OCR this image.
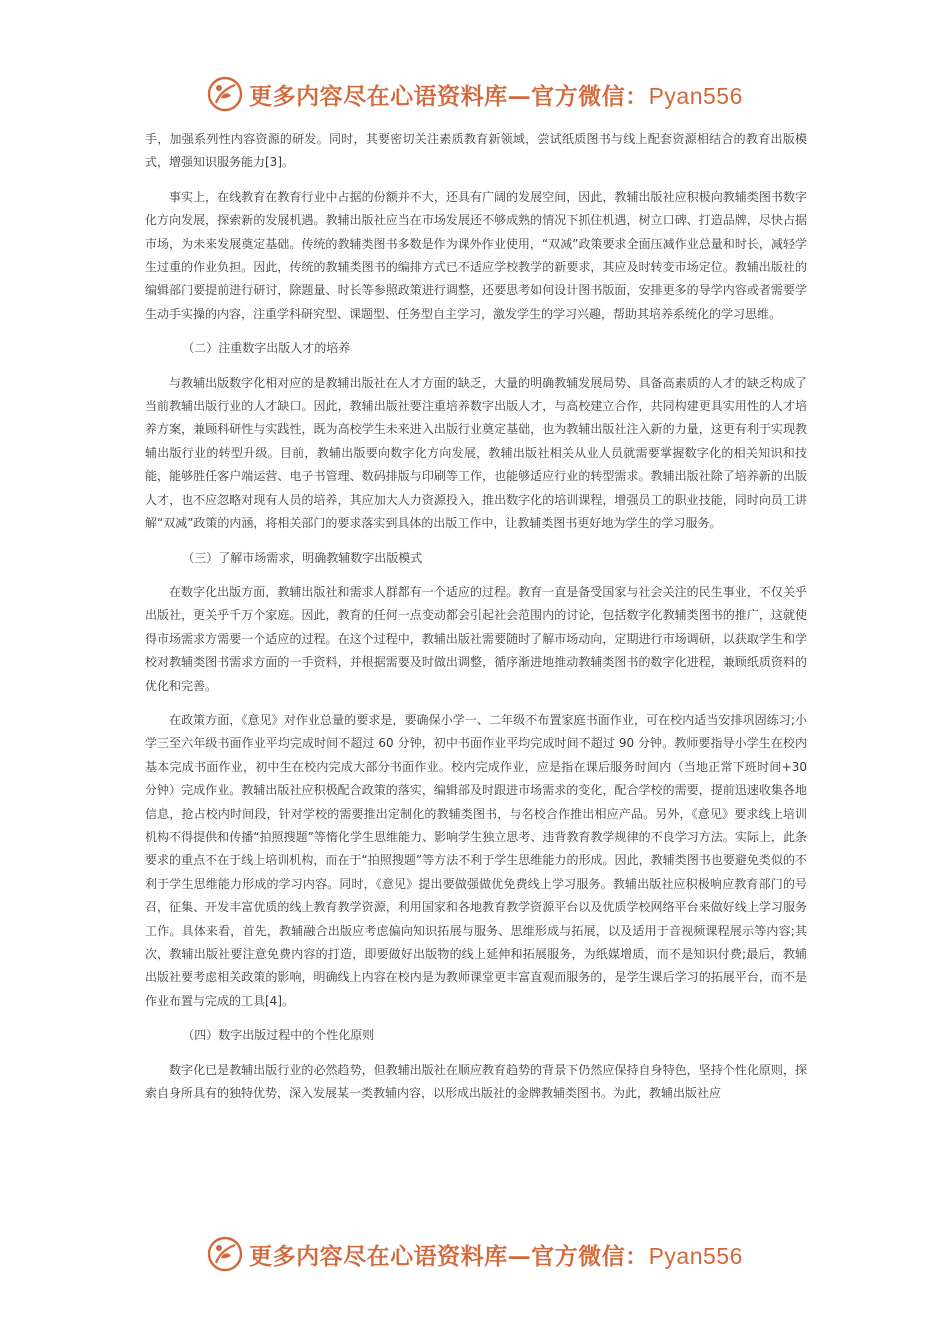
更多内容尽在心语资料库—官方微信：Pyan556

手，加强系列性内容资源的研发。同时，其要密切关注素质教育新领域，尝试纸质图书与线上配套资源相结合的教育出版模式，增强知识服务能力[3]。

事实上，在线教育在教育行业中占据的份额并不大，还具有广阔的发展空间，因此，教辅出版社应积极向教辅类图书数字化方向发展，探索新的发展机遇。教辅出版社应当在市场发展还不够成熟的情况下抓住机遇，树立口碑、打造品牌，尽快占据市场，为未来发展奠定基础。传统的教辅类图书多数是作为课外作业使用，“双减”政策要求全面压减作业总量和时长，减轻学生过重的作业负担。因此，传统的教辅类图书的编排方式已不适应学校教学的新要求，其应及时转变市场定位。教辅出版社的编辑部门要提前进行研讨，除题量、时长等参照政策进行调整，还要思考如何设计图书版面，安排更多的导学内容或者需要学生动手实操的内容，注重学科研究型、课题型、任务型自主学习，激发学生的学习兴趣，帮助其培养系统化的学习思维。

（二）注重数字出版人才的培养

与教辅出版数字化相对应的是教辅出版社在人才方面的缺乏，大量的明确教辅发展局势、具备高素质的人才的缺乏构成了当前教辅出版行业的人才缺口。因此，教辅出版社要注重培养数字出版人才，与高校建立合作，共同构建更具实用性的人才培养方案，兼顾科研性与实践性，既为高校学生未来进入出版行业奠定基础，也为教辅出版社注入新的力量，这更有利于实现教辅出版行业的转型升级。目前，教辅出版要向数字化方向发展，教辅出版社相关从业人员就需要掌握数字化的相关知识和技能，能够胜任客户端运营、电子书管理、数码排版与印刷等工作，也能够适应行业的转型需求。教辅出版社除了培养新的出版人才，也不应忽略对现有人员的培养，其应加大人力资源投入，推出数字化的培训课程，增强员工的职业技能，同时向员工讲解“双减”政策的内涵，将相关部门的要求落实到具体的出版工作中，让教辅类图书更好地为学生的学习服务。

（三）了解市场需求，明确教辅数字出版模式

在数字化出版方面，教辅出版社和需求人群都有一个适应的过程。教育一直是备受国家与社会关注的民生事业，不仅关乎出版社，更关乎千万个家庭。因此，教育的任何一点变动都会引起社会范围内的讨论，包括数字化教辅类图书的推广，这就使得市场需求方需要一个适应的过程。在这个过程中，教辅出版社需要随时了解市场动向，定期进行市场调研，以获取学生和学校对教辅类图书需求方面的一手资料，并根据需要及时做出调整，循序渐进地推动教辅类图书的数字化进程，兼顾纸质资料的优化和完善。

在政策方面，《意见》对作业总量的要求是，要确保小学一、二年级不布置家庭书面作业，可在校内适当安排巩固练习;小学三至六年级书面作业平均完成时间不超过 60 分钟，初中书面作业平均完成时间不超过 90 分钟。教师要指导小学生在校内基本完成书面作业，初中生在校内完成大部分书面作业。校内完成作业，应是指在课后服务时间内（当地正常下班时间+30 分钟）完成作业。教辅出版社应积极配合政策的落实，编辑部及时跟进市场需求的变化，配合学校的需要，提前迅速收集各地信息，抢占校内时间段，针对学校的需要推出定制化的教辅类图书，与名校合作推出相应产品。另外，《意见》要求线上培训机构不得提供和传播“拍照搜题”等惰化学生思维能力、影响学生独立思考、违背教育教学规律的不良学习方法。实际上，此条要求的重点不在于线上培训机构，而在于“拍照搜题”等方法不利于学生思维能力的形成。因此，教辅类图书也要避免类似的不利于学生思维能力形成的学习内容。同时，《意见》提出要做强做优免费线上学习服务。教辅出版社应积极响应教育部门的号召，征集、开发丰富优质的线上教育教学资源，利用国家和各地教育教学资源平台以及优质学校网络平台来做好线上学习服务工作。具体来看，首先，教辅融合出版应考虑偏向知识拓展与服务、思维形成与拓展，以及适用于音视频课程展示等内容;其次，教辅出版社要注意免费内容的打造，即要做好出版物的线上延伸和拓展服务，为纸媒增质，而不是知识付费;最后，教辅出版社要考虑相关政策的影响，明确线上内容在校内是为教师课堂更丰富直观而服务的，是学生课后学习的拓展平台，而不是作业布置与完成的工具[4]。

（四）数字出版过程中的个性化原则

数字化已是教辅出版行业的必然趋势，但教辅出版社在顺应教育趋势的背景下仍然应保持自身特色，坚持个性化原则，探索自身所具有的独特优势，深入发展某一类教辅内容，以形成出版社的金牌教辅类图书。为此，教辅出版社应

更多内容尽在心语资料库—官方微信：Pyan556
